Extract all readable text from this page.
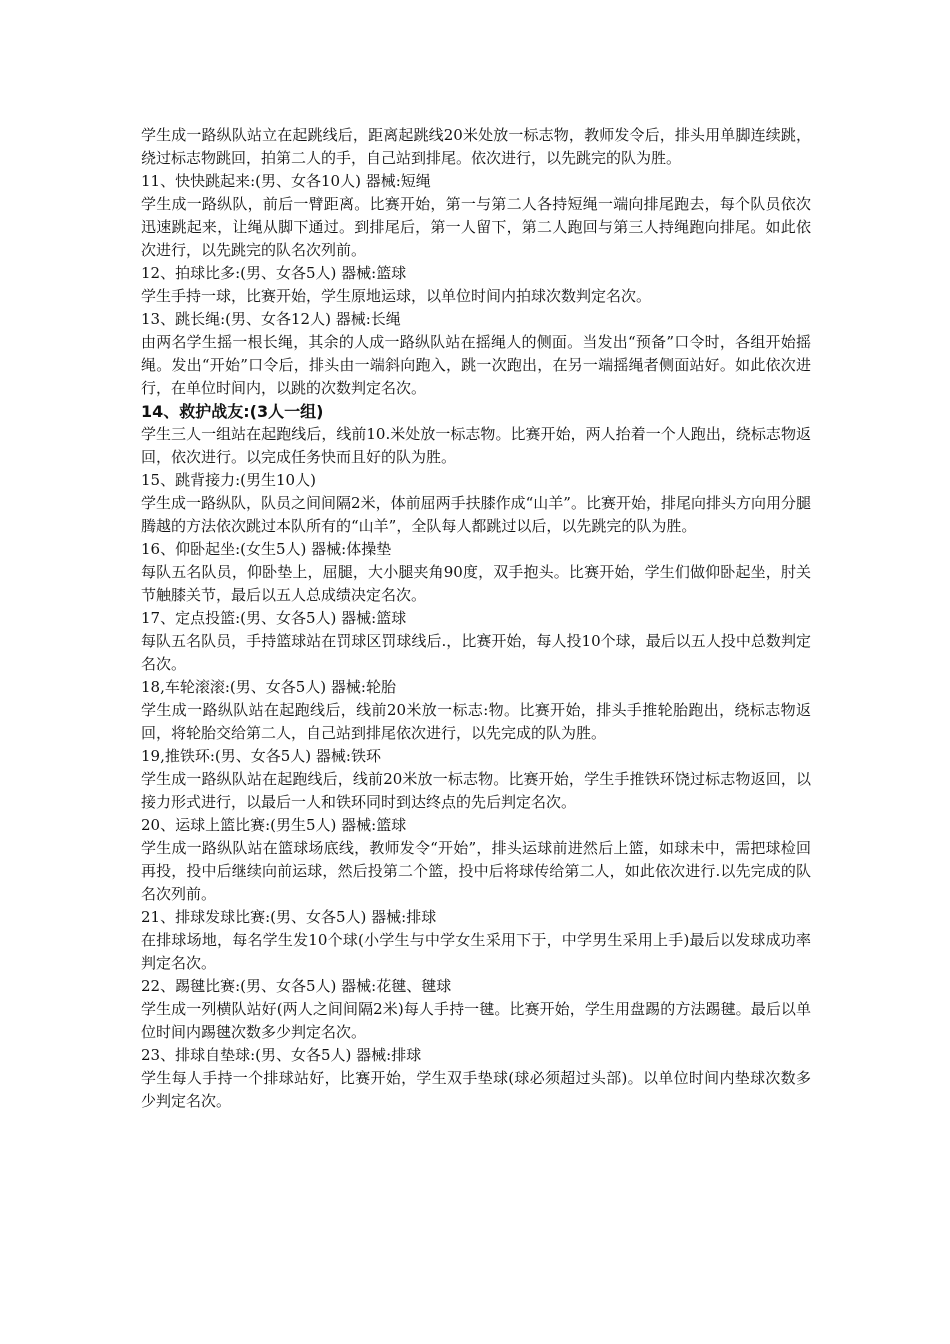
学生成一路纵队站立在起跳线后，距离起跳线20米处放一标志物，教师发令后，排头用单脚连续跳，绕过标志物跳回，拍第二人的手，自己站到排尾。依次进行，以先跳完的队为胜。

11、快快跳起来:(男、女各10人) 器械:短绳

学生成一路纵队，前后一臂距离。比赛开始，第一与第二人各持短绳一端向排尾跑去，每个队员依次迅速跳起来，让绳从脚下通过。到排尾后，第一人留下，第二人跑回与第三人持绳跑向排尾。如此依次进行，以先跳完的队名次列前。

12、拍球比多:(男、女各5人) 器械:篮球

学生手持一球，比赛开始，学生原地运球，以单位时间内拍球次数判定名次。

13、跳长绳:(男、女各12人) 器械:长绳

由两名学生摇一根长绳，其余的人成一路纵队站在摇绳人的侧面。当发出“预备”口令时，各组开始摇绳。发出“开始”口令后，排头由一端斜向跑入，跳一次跑出，在另一端摇绳者侧面站好。如此依次进行，在单位时间内，以跳的次数判定名次。

14、救护战友:(3人一组)

学生三人一组站在起跑线后，线前10.米处放一标志物。比赛开始，两人抬着一个人跑出，绕标志物返回，依次进行。以完成任务快而且好的队为胜。

15、跳背接力:(男生10人)

学生成一路纵队，队员之间间隔2米，体前屈两手扶膝作成“山羊”。比赛开始，排尾向排头方向用分腿腾越的方法依次跳过本队所有的“山羊”，全队每人都跳过以后，以先跳完的队为胜。

16、仰卧起坐:(女生5人) 器械:体操垫

每队五名队员，仰卧垫上，屈腿，大小腿夹角90度，双手抱头。比赛开始，学生们做仰卧起坐，肘关节触膝关节，最后以五人总成绩决定名次。

17、定点投篮:(男、女各5人) 器械:篮球

每队五名队员，手持篮球站在罚球区罚球线后.，比赛开始，每人投10个球，最后以五人投中总数判定名次。

18,车轮滚滚:(男、女各5人) 器械:轮胎

学生成一路纵队站在起跑线后，线前20米放一标志:物。比赛开始，排头手推轮胎跑出，绕标志物返回，将轮胎交给第二人，自己站到排尾依次进行，以先完成的队为胜。

19,推铁环:(男、女各5人) 器械:铁环

学生成一路纵队站在起跑线后，线前20米放一标志物。比赛开始，学生手推铁环饶过标志物返回，以接力形式进行，以最后一人和铁环同时到达终点的先后判定名次。

20、运球上篮比赛:(男生5人) 器械:篮球

学生成一路纵队站在篮球场底线，教师发令“开始”，排头运球前进然后上篮，如球未中，需把球检回再投，投中后继续向前运球，然后投第二个篮，投中后将球传给第二人，如此依次进行.以先完成的队名次列前。

21、排球发球比赛:(男、女各5人) 器械:排球

在排球场地，每名学生发10个球(小学生与中学女生采用下于，中学男生采用上手)最后以发球成功率判定名次。

22、踢毽比赛:(男、女各5人) 器械:花毽、毽球

学生成一列横队站好(两人之间间隔2米)每人手持一毽。比赛开始，学生用盘踢的方法踢毽。最后以单位时间内踢毽次数多少判定名次。

23、排球自垫球:(男、女各5人) 器械:排球

学生每人手持一个排球站好，比赛开始，学生双手垫球(球必须超过头部)。以单位时间内垫球次数多少判定名次。
